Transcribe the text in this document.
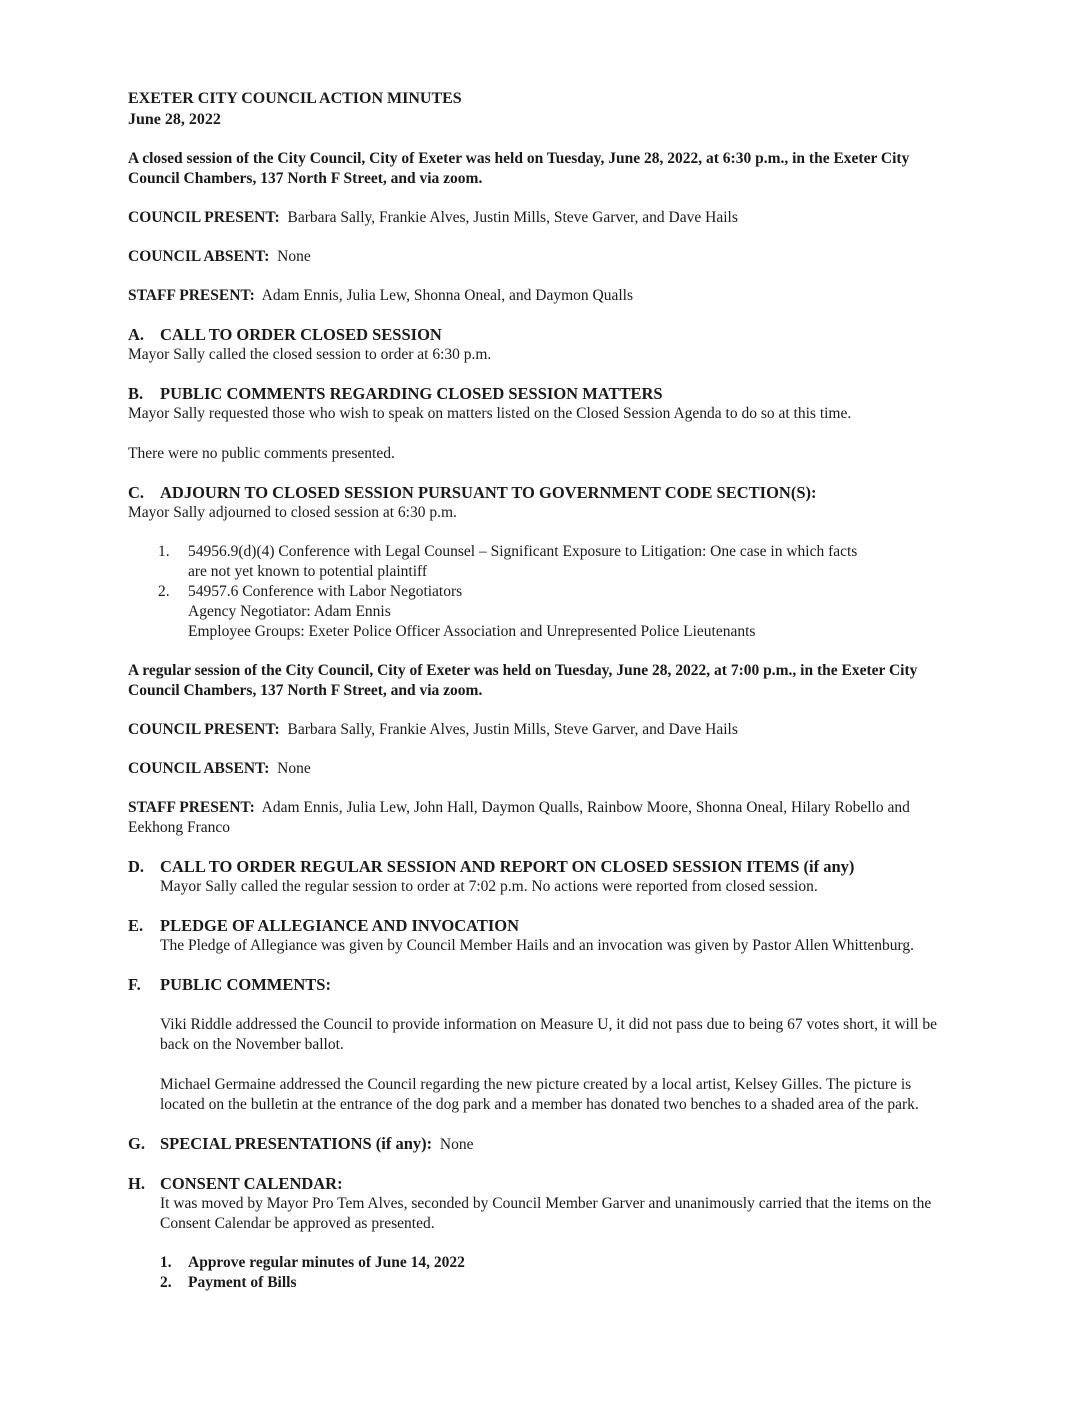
EXETER CITY COUNCIL ACTION MINUTES
June 28, 2022

A closed session of the City Council, City of Exeter was held on Tuesday, June 28, 2022, at 6:30 p.m., in the Exeter City Council Chambers, 137 North F Street, and via zoom.

COUNCIL PRESENT: Barbara Sally, Frankie Alves, Justin Mills, Steve Garver, and Dave Hails

COUNCIL ABSENT: None

STAFF PRESENT: Adam Ennis, Julia Lew, Shonna Oneal, and Daymon Qualls

A. CALL TO ORDER CLOSED SESSION
Mayor Sally called the closed session to order at 6:30 p.m.
B. PUBLIC COMMENTS REGARDING CLOSED SESSION MATTERS
Mayor Sally requested those who wish to speak on matters listed on the Closed Session Agenda to do so at this time.
There were no public comments presented.
C. ADJOURN TO CLOSED SESSION PURSUANT TO GOVERNMENT CODE SECTION(S):
Mayor Sally adjourned to closed session at 6:30 p.m.
1.	54956.9(d)(4) Conference with Legal Counsel – Significant Exposure to Litigation: One case in which facts
are not yet known to potential plaintiff
2.	54957.6 Conference with Labor Negotiators
Agency Negotiator: Adam Ennis
Employee Groups: Exeter Police Officer Association and Unrepresented Police Lieutenants

A regular session of the City Council, City of Exeter was held on Tuesday, June 28, 2022, at 7:00 p.m., in the Exeter City Council Chambers, 137 North F Street, and via zoom.

COUNCIL PRESENT: Barbara Sally, Frankie Alves, Justin Mills, Steve Garver, and Dave Hails

COUNCIL ABSENT: None

STAFF PRESENT: Adam Ennis, Julia Lew, John Hall, Daymon Qualls, Rainbow Moore, Shonna Oneal, Hilary Robello and Eekhong Franco

D. CALL TO ORDER REGULAR SESSION AND REPORT ON CLOSED SESSION ITEMS (if any)
Mayor Sally called the regular session to order at 7:02 p.m. No actions were reported from closed session.
E. PLEDGE OF ALLEGIANCE AND INVOCATION
The Pledge of Allegiance was given by Council Member Hails and an invocation was given by Pastor Allen Whittenburg.
F. PUBLIC COMMENTS:
Viki Riddle addressed the Council to provide information on Measure U, it did not pass due to being 67 votes short, it will be back on the November ballot.
Michael Germaine addressed the Council regarding the new picture created by a local artist, Kelsey Gilles. The picture is located on the bulletin at the entrance of the dog park and a member has donated two benches to a shaded area of the park.
G. SPECIAL PRESENTATIONS (if any): None
H. CONSENT CALENDAR:
It was moved by Mayor Pro Tem Alves, seconded by Council Member Garver and unanimously carried that the items on the Consent Calendar be approved as presented.
1.	Approve regular minutes of June 14, 2022
2.	Payment of Bills
